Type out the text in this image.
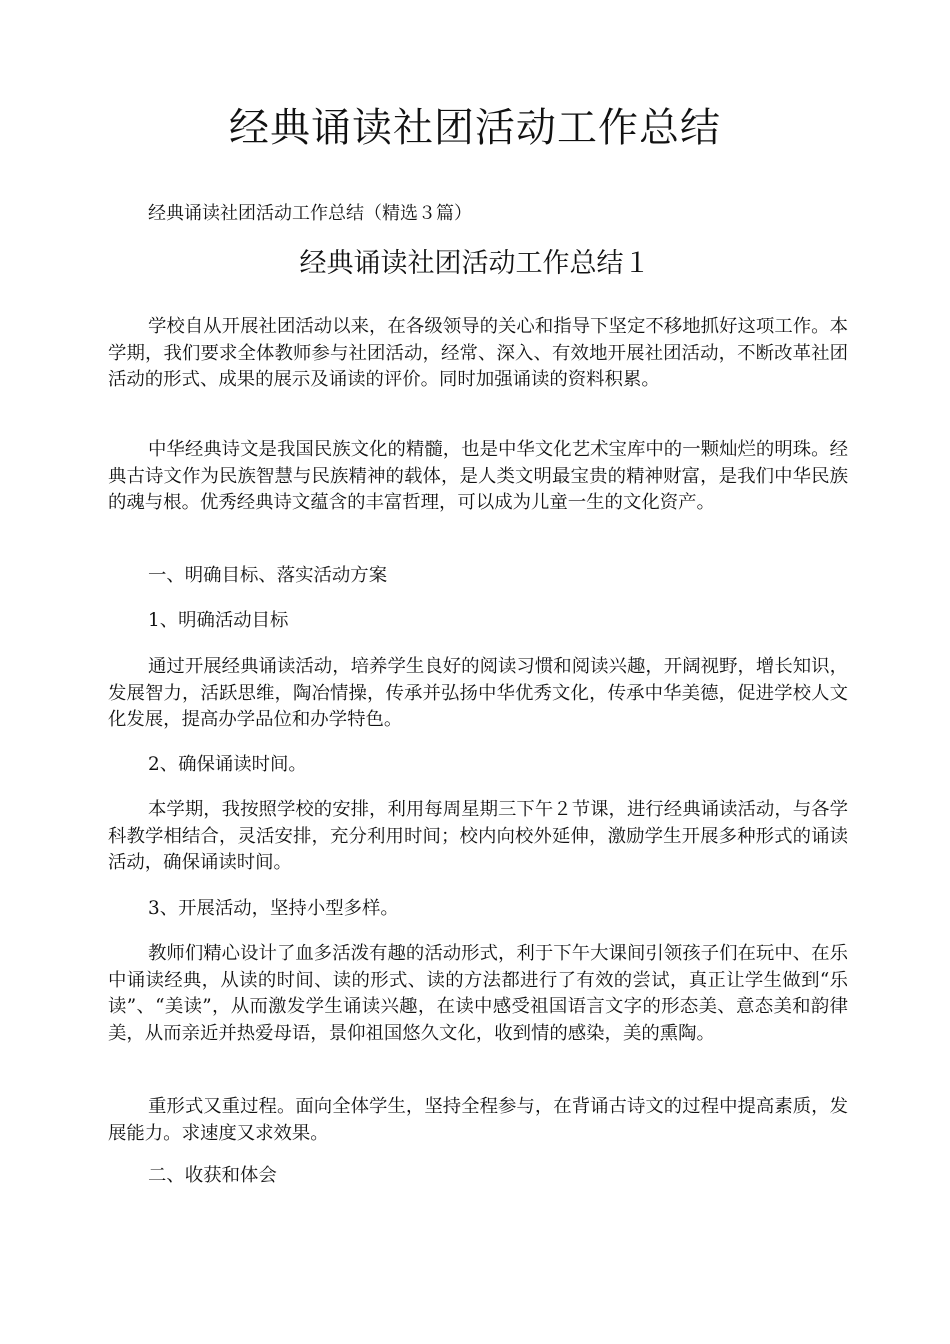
经典诵读社团活动工作总结

经典诵读社团活动工作总结（精选３篇）

经典诵读社团活动工作总结１

学校自从开展社团活动以来，在各级领导的关心和指导下坚定不移地抓好这项工作。本学期，我们要求全体教师参与社团活动，经常、深入、有效地开展社团活动，不断改革社团活动的形式、成果的展示及诵读的评价。同时加强诵读的资料积累。

中华经典诗文是我国民族文化的精髓，也是中华文化艺术宝库中的一颗灿烂的明珠。经典古诗文作为民族智慧与民族精神的载体，是人类文明最宝贵的精神财富，是我们中华民族的魂与根。优秀经典诗文蕴含的丰富哲理，可以成为儿童一生的文化资产。

一、明确目标、落实活动方案

1、明确活动目标

通过开展经典诵读活动，培养学生良好的阅读习惯和阅读兴趣，开阔视野，增长知识，发展智力，活跃思维，陶冶情操，传承并弘扬中华优秀文化，传承中华美德，促进学校人文化发展，提高办学品位和办学特色。

2、确保诵读时间。

本学期，我按照学校的安排，利用每周星期三下午２节课，进行经典诵读活动，与各学科教学相结合，灵活安排，充分利用时间；校内向校外延伸，激励学生开展多种形式的诵读活动，确保诵读时间。

3、开展活动，坚持小型多样。

教师们精心设计了血多活泼有趣的活动形式，利于下午大课间引领孩子们在玩中、在乐中诵读经典，从读的时间、读的形式、读的方法都进行了有效的尝试，真正让学生做到“乐读”、“美读”，从而激发学生诵读兴趣，在读中感受祖国语言文字的形态美、意态美和韵律美，从而亲近并热爱母语，景仰祖国悠久文化，收到情的感染，美的熏陶。

重形式又重过程。面向全体学生，坚持全程参与，在背诵古诗文的过程中提高素质，发展能力。求速度又求效果。

二、收获和体会
